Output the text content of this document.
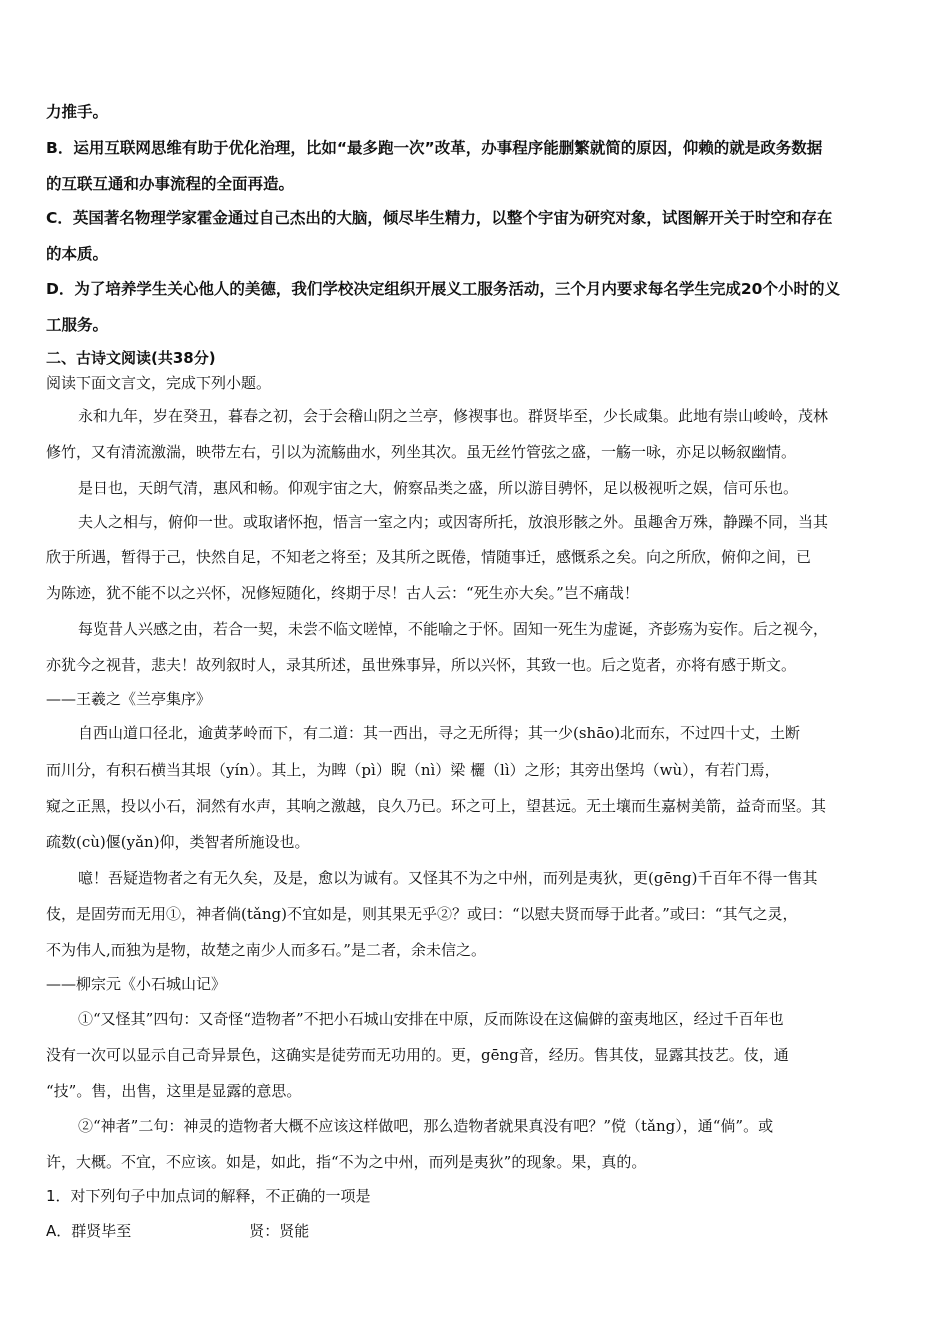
力推手。
B．运用互联网思维有助于优化治理，比如“最多跑一次”改革，办事程序能删繁就简的原因，仰赖的就是政务数据
的互联互通和办事流程的全面再造。
C．英国著名物理学家霍金通过自己杰出的大脑，倾尽毕生精力，以整个宇宙为研究对象，试图解开关于时空和存在
的本质。
D．为了培养学生关心他人的美德，我们学校决定组织开展义工服务活动，三个月内要求每名学生完成20个小时的义
工服务。
二、古诗文阅读(共38分)
阅读下面文言文，完成下列小题。
永和九年，岁在癸丑，暮春之初，会于会稽山阴之兰亭，修禊事也。群贤毕至，少长咸集。此地有崇山峻岭，茂林
修竹，又有清流激湍，映带左右，引以为流觞曲水，列坐其次。虽无丝竹管弦之盛，一觞一咏，亦足以畅叙幽情。
是日也，天朗气清，惠风和畅。仰观宇宙之大，俯察品类之盛，所以游目骋怀，足以极视听之娱，信可乐也。
夫人之相与，俯仰一世。或取诸怀抱，悟言一室之内；或因寄所托，放浪形骸之外。虽趣舍万殊，静躁不同，当其
欣于所遇，暂得于己，快然自足，不知老之将至；及其所之既倦，情随事迁，感慨系之矣。向之所欣，俯仰之间，已
为陈迹，犹不能不以之兴怀，况修短随化，终期于尽！古人云：“死生亦大矣。”岂不痛哉！
每览昔人兴感之由，若合一契，未尝不临文嗟悼，不能喻之于怀。固知一死生为虚诞，齐彭殇为妄作。后之视今，
亦犹今之视昔，悲夫！故列叙时人，录其所述，虽世殊事异，所以兴怀，其致一也。后之览者，亦将有感于斯文。
——王羲之《兰亭集序》
自西山道口径北，逾黄茅岭而下，有二道：其一西出，寻之无所得；其一少(shāo)北而东，不过四十丈，土断
而川分，有积石横当其垠（yín）。其上，为睥（pì）睨（nì）梁 欐（lì）之形；其旁出堡坞（wù），有若门焉，
窥之正黑，投以小石，洞然有水声，其响之激越，良久乃已。环之可上，望甚远。无土壤而生嘉树美箭，益奇而坚。其
疏数(cù)偃(yǎn)仰，类智者所施设也。
噫！吾疑造物者之有无久矣，及是，愈以为诚有。又怪其不为之中州，而列是夷狄，更(gēng)千百年不得一售其
伎，是固劳而无用①，神者倘(tǎng)不宜如是，则其果无乎②？或曰：“以慰夫贤而辱于此者。”或曰：“其气之灵，
不为伟人,而独为是物，故楚之南少人而多石。”是二者，余未信之。
——柳宗元《小石城山记》
①“又怪其”四句：又奇怪“造物者”不把小石城山安排在中原，反而陈设在这偏僻的蛮夷地区，经过千百年也
没有一次可以显示自己奇异景色，这确实是徒劳而无功用的。更，gēng音，经历。售其伎，显露其技艺。伎，通
“技”。售，出售，这里是显露的意思。
②“神者”二句：神灵的造物者大概不应该这样做吧，那么造物者就果真没有吧？”傥（tǎng），通“倘”。或
许，大概。不宜，不应该。如是，如此，指“不为之中州，而列是夷狄”的现象。果，真的。
1．对下列句子中加点词的解释，不正确的一项是
A．群贤毕至	贤：贤能
